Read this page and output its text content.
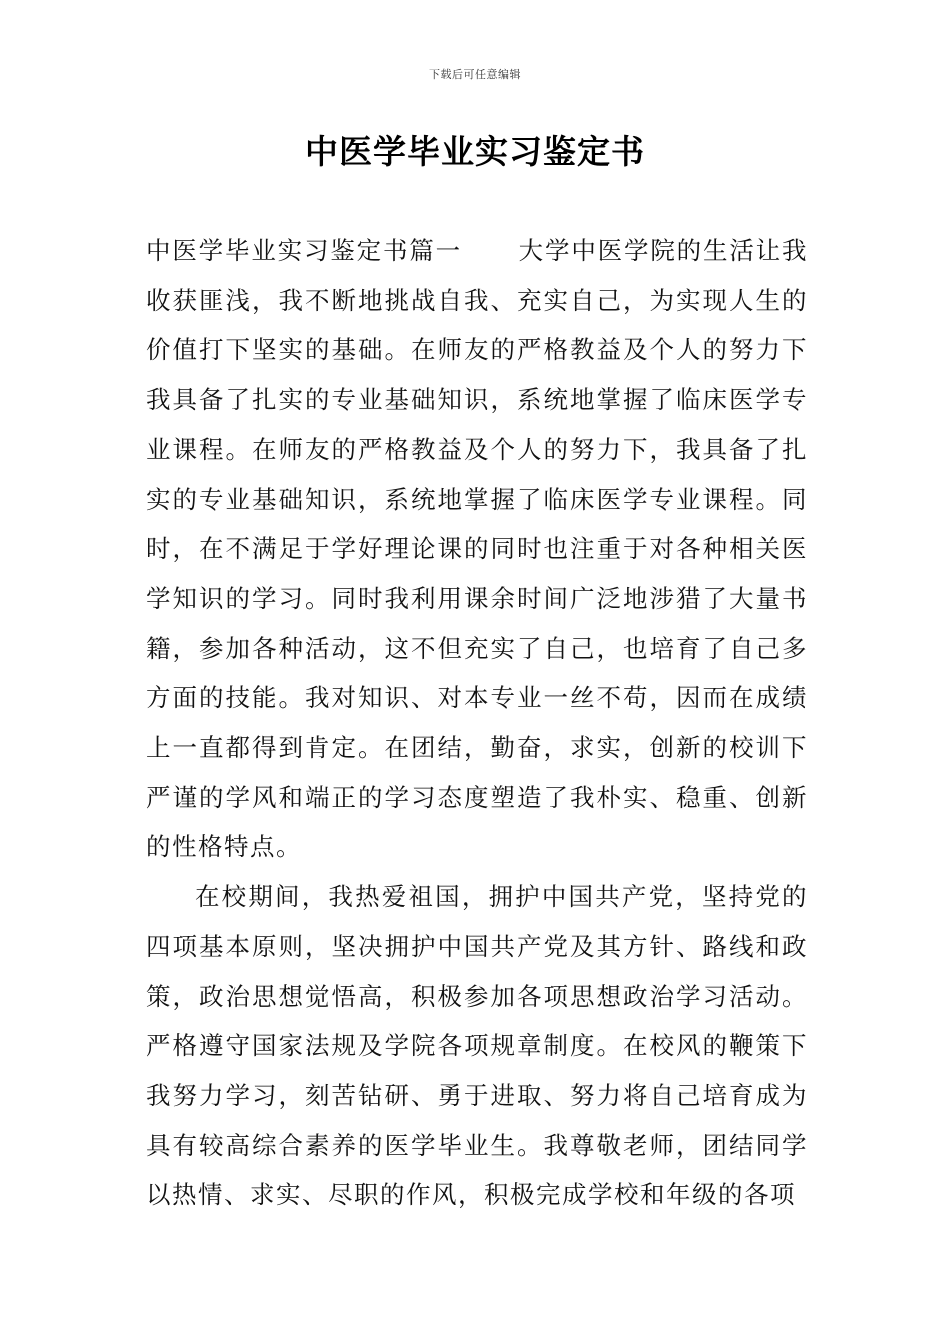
下载后可任意编辑
中医学毕业实习鉴定书

中医学毕业实习鉴定书篇一 大学中医学院的生活让我收获匪浅，我不断地挑战自我、充实自己，为实现人生的价值打下坚实的基础。在师友的严格教益及个人的努力下我具备了扎实的专业基础知识，系统地掌握了临床医学专业课程。在师友的严格教益及个人的努力下，我具备了扎实的专业基础知识，系统地掌握了临床医学专业课程。同时，在不满足于学好理论课的同时也注重于对各种相关医学知识的学习。同时我利用课余时间广泛地涉猎了大量书籍，参加各种活动，这不但充实了自己，也培育了自己多方面的技能。我对知识、对本专业一丝不苟，因而在成绩上一直都得到肯定。在团结，勤奋，求实，创新的校训下严谨的学风和端正的学习态度塑造了我朴实、稳重、创新的性格特点。

在校期间，我热爱祖国，拥护中国共产党，坚持党的四项基本原则，坚决拥护中国共产党及其方针、路线和政策，政治思想觉悟高，积极参加各项思想政治学习活动。严格遵守国家法规及学院各项规章制度。在校风的鞭策下我努力学习，刻苦钻研、勇于进取、努力将自己培育成为具有较高综合素养的医学毕业生。我尊敬老师，团结同学以热情、求实、尽职的作风，积极完成学校和年级的各项
